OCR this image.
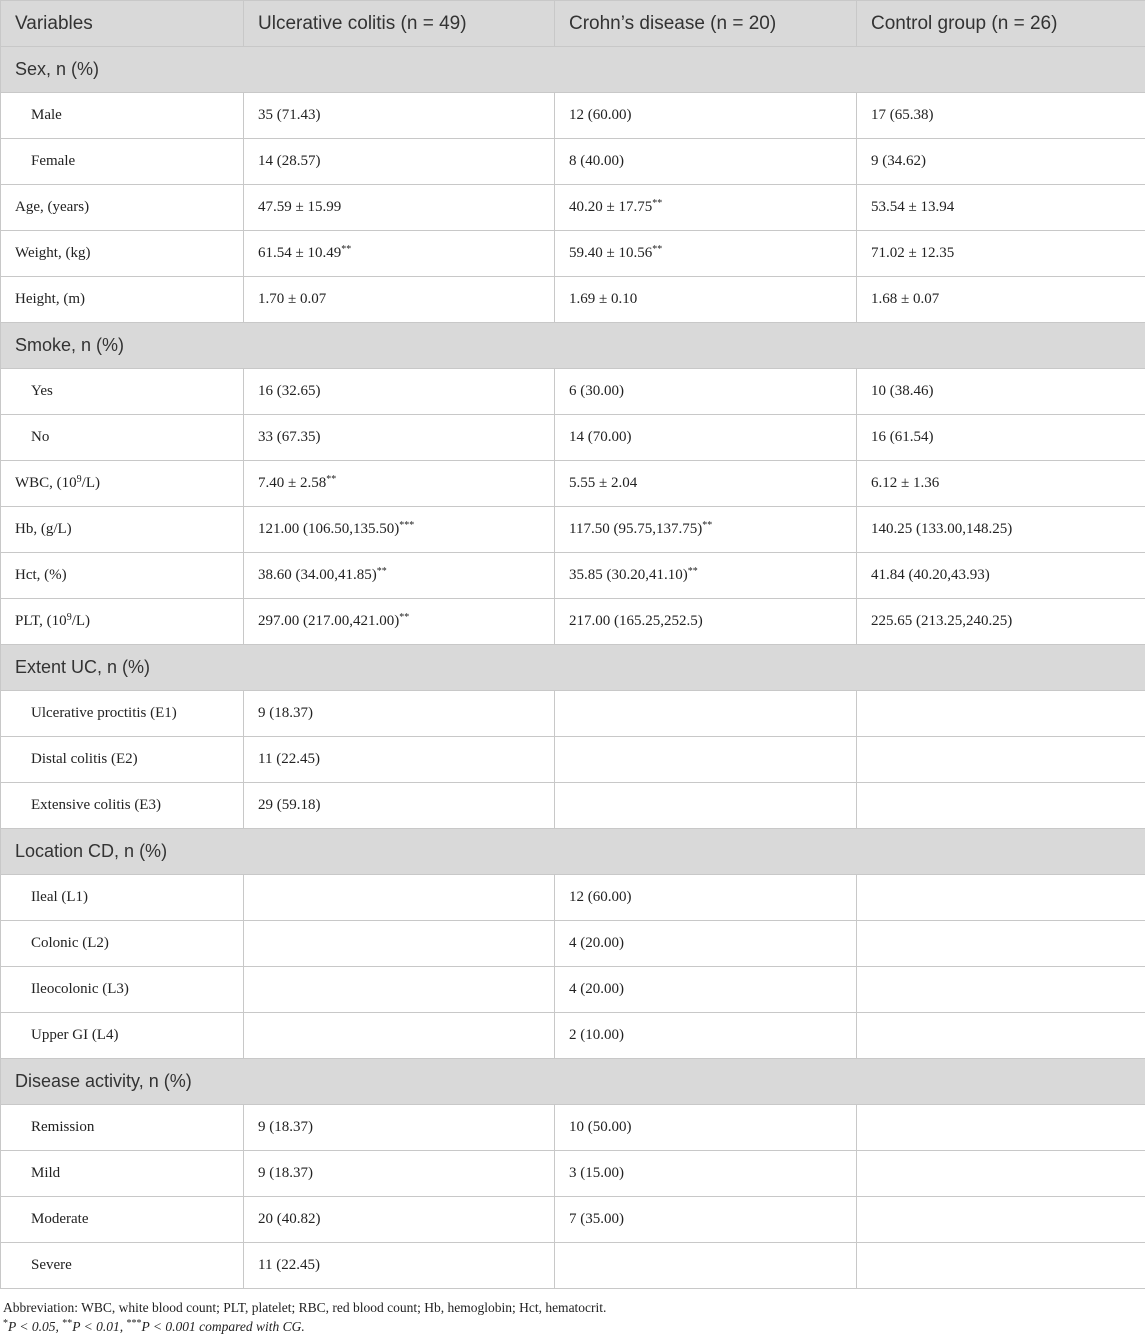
Variables	Ulcerative colitis (n = 49)	Crohn’s disease (n = 20)	Control group (n = 26)
Sex, n (%)			
Male	35 (71.43)	12 (60.00)	17 (65.38)
Female	14 (28.57)	8 (40.00)	9 (34.62)
Age, (years)	47.59 ± 15.99	40.20 ± 17.75**	53.54 ± 13.94
Weight, (kg)	61.54 ± 10.49**	59.40 ± 10.56**	71.02 ± 12.35
Height, (m)	1.70 ± 0.07	1.69 ± 0.10	1.68 ± 0.07
Smoke, n (%)			
Yes	16 (32.65)	6 (30.00)	10 (38.46)
No	33 (67.35)	14 (70.00)	16 (61.54)
WBC, $(10^9/L)$	7.40 ± 2.58**	5.55 ± 2.04	6.12 ± 1.36
Hb, (g/L)	121.00 (106.50,135.50)***	117.50 (95.75,137.75)**	140.25 (133.00,148.25)
Hct, (%)	38.60 (34.00,41.85)**	35.85 (30.20,41.10)**	41.84 (40.20,43.93)
PLT, $(10^9/L)$	297.00 (217.00,421.00)**	217.00 (165.25,252.5)	225.65 (213.25,240.25)
Extent UC, n (%)			
Ulcerative proctitis (E1)	9 (18.37)		
Distal colitis (E2)	11 (22.45)		
Extensive colitis (E3)	29 (59.18)		
Location CD, n (%)			
Ileal (L1)		12 (60.00)	
Colonic (L2)		4 (20.00)	
Ileocolonic (L3)		4 (20.00)	
Upper GI (L4)		2 (10.00)	
Disease activity, n (%)			
Remission	9 (18.37)	10 (50.00)	
Mild	9 (18.37)	3 (15.00)	
Moderate	20 (40.82)	7 (35.00)	
Severe	11 (22.45)		
Abbreviation: WBC, white blood count; PLT, platelet; RBC, red blood count; Hb, hemoglobin; Hct, hematocrit.
*P < 0.05, **P < 0.01, ***P < 0.001 compared with CG.
